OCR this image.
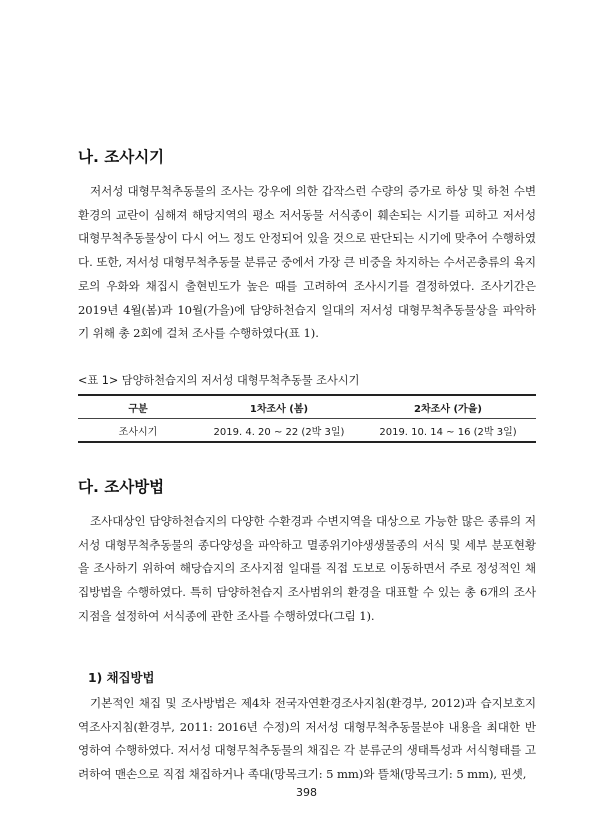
나. 조사시기

저서성 대형무척추동물의 조사는 강우에 의한 갑작스런 수량의 증가로 하상 및 하천 수변환경의 교란이 심해져 해당지역의 평소 저서동물 서식종이 훼손되는 시기를 피하고 저서성 대형무척추동물상이 다시 어느 정도 안정되어 있을 것으로 판단되는 시기에 맞추어 수행하였다. 또한, 저서성 대형무척추동물 분류군 중에서 가장 큰 비중을 차지하는 수서곤충류의 육지로의 우화와 채집시 출현빈도가 높은 때를 고려하여 조사시기를 결정하였다. 조사기간은 2019년 4월(봄)과 10월(가을)에 담양하천습지 일대의 저서성 대형무척추동물상을 파악하기 위해 총 2회에 걸쳐 조사를 수행하였다(표 1).

<표 1> 담양하천습지의 저서성 대형무척추동물 조사시기
구분	1차조사 (봄)	2차조사 (가을)
조사시기	2019. 4. 20 ~ 22 (2박 3일)	2019. 10. 14 ~ 16 (2박 3일)
다. 조사방법

조사대상인 담양하천습지의 다양한 수환경과 수변지역을 대상으로 가능한 많은 종류의 저서성 대형무척추동물의 종다양성을 파악하고 멸종위기야생생물종의 서식 및 세부 분포현황을 조사하기 위하여 해당습지의 조사지점 일대를 직접 도보로 이동하면서 주로 정성적인 채집방법을 수행하였다. 특히 담양하천습지 조사범위의 환경을 대표할 수 있는 총 6개의 조사지점을 설정하여 서식종에 관한 조사를 수행하였다(그림 1).

1) 채집방법

기본적인 채집 및 조사방법은 제4차 전국자연환경조사지침(환경부, 2012)과 습지보호지역조사지침(환경부, 2011: 2016년 수정)의 저서성 대형무척추동물분야 내용을 최대한 반영하여 수행하였다. 저서성 대형무척추동물의 채집은 각 분류군의 생태특성과 서식형태를 고려하여 맨손으로 직접 채집하거나 족대(망목크기: 5 mm)와 뜰채(망목크기: 5 mm), 핀셋,

398
